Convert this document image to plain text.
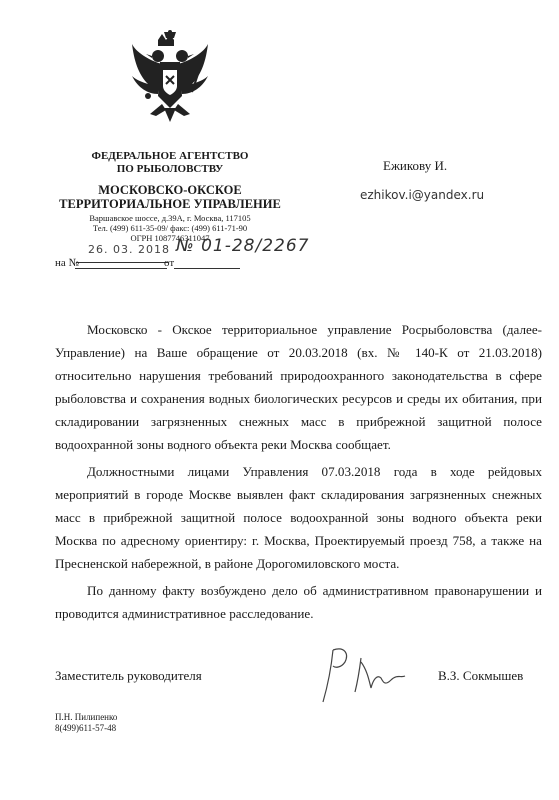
ФЕДЕРАЛЬНОЕ АГЕНТСТВО
ПО РЫБОЛОВСТВУ
МОСКОВСКО-ОКСКОЕ
ТЕРРИТОРИАЛЬНОЕ УПРАВЛЕНИЕ
Варшавское шоссе, д.39А, г. Москва, 117105
Тел. (499) 611-35-09/ факс: (499) 611-71-90
ОГРН 1087746311047
26. 03. 2018 № 01-28/2267
на №	от
Ежикову И.
ezhikov.i@yandex.ru

Московско - Окское территориальное управление Росрыболовства (далее- Управление) на Ваше обращение от 20.03.2018 (вх. № 140-К от 21.03.2018) относительно нарушения требований природоохранного законодательства в сфере рыболовства и сохранения водных биологических ресурсов и среды их обитания, при складировании загрязненных снежных масс в прибрежной защитной полосе водоохранной зоны водного объекта реки Москва сообщает.

Должностными лицами Управления 07.03.2018 года в ходе рейдовых мероприятий в городе Москве выявлен факт складирования загрязненных снежных масс в прибрежной защитной полосе водоохранной зоны водного объекта реки Москва по адресному ориентиру: г. Москва, Проектируемый проезд 758, а также на Пресненской набережной, в районе Дорогомиловского моста.

По данному факту возбуждено дело об административном правонарушении и проводится административное расследование.

Заместитель руководителя	В.З. Сокмышев
П.Н. Пилипенко
8(499)611-57-48
